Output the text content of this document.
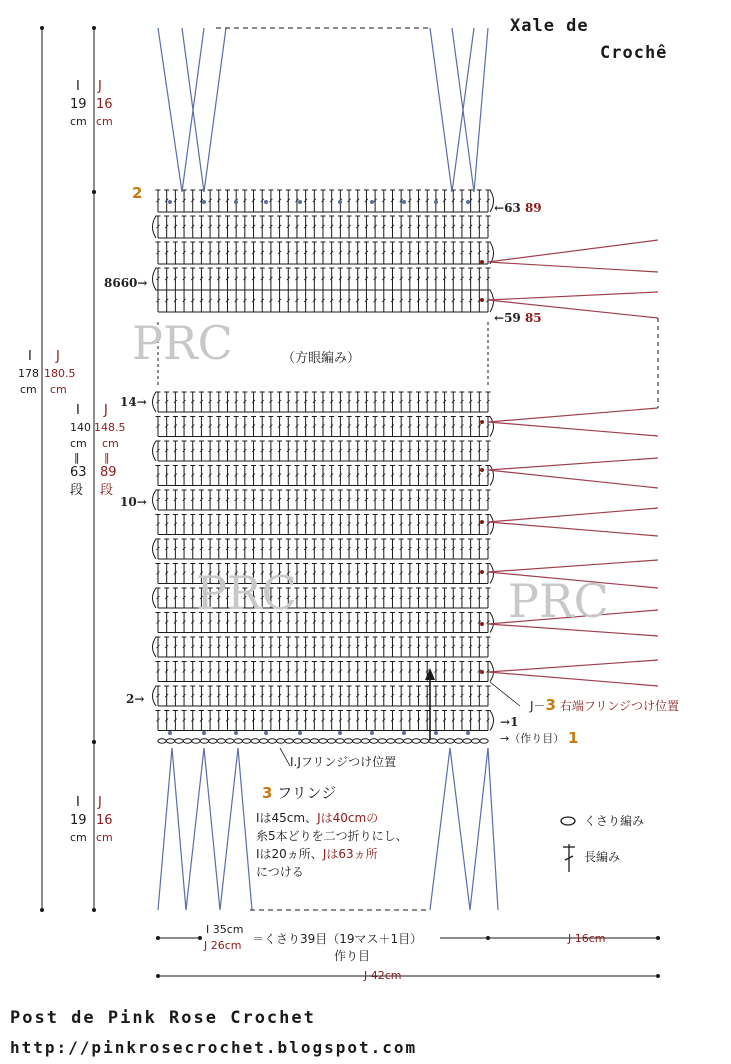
Xale de
Crochê
PRC
PRC	PRC
（方眼編み）
I J
19 16
cm cm
I J
178 180.5
cm cm
I J
140 148.5
cm cm
‖ ‖
63 89
段 段
I J
19 16
cm cm
2
8660→
14→
10→
2→
←63 89
←59 85
→1
→（作り目） 1
J－3 右端フリンジつけ位置
I.Jフリンジつけ位置
3 フリンジ
Iは45cm、Jは40cmの
糸5本どりを二つ折りにし、
Iは20ヵ所、Jは63ヵ所
につける
くさり編み
長編み
I 35cm
J 26cm ＝くさり39目（19マス＋1目）
作り目
J 16cm
J 42cm
Post de Pink Rose Crochet
http://pinkrosecrochet.blogspot.com
